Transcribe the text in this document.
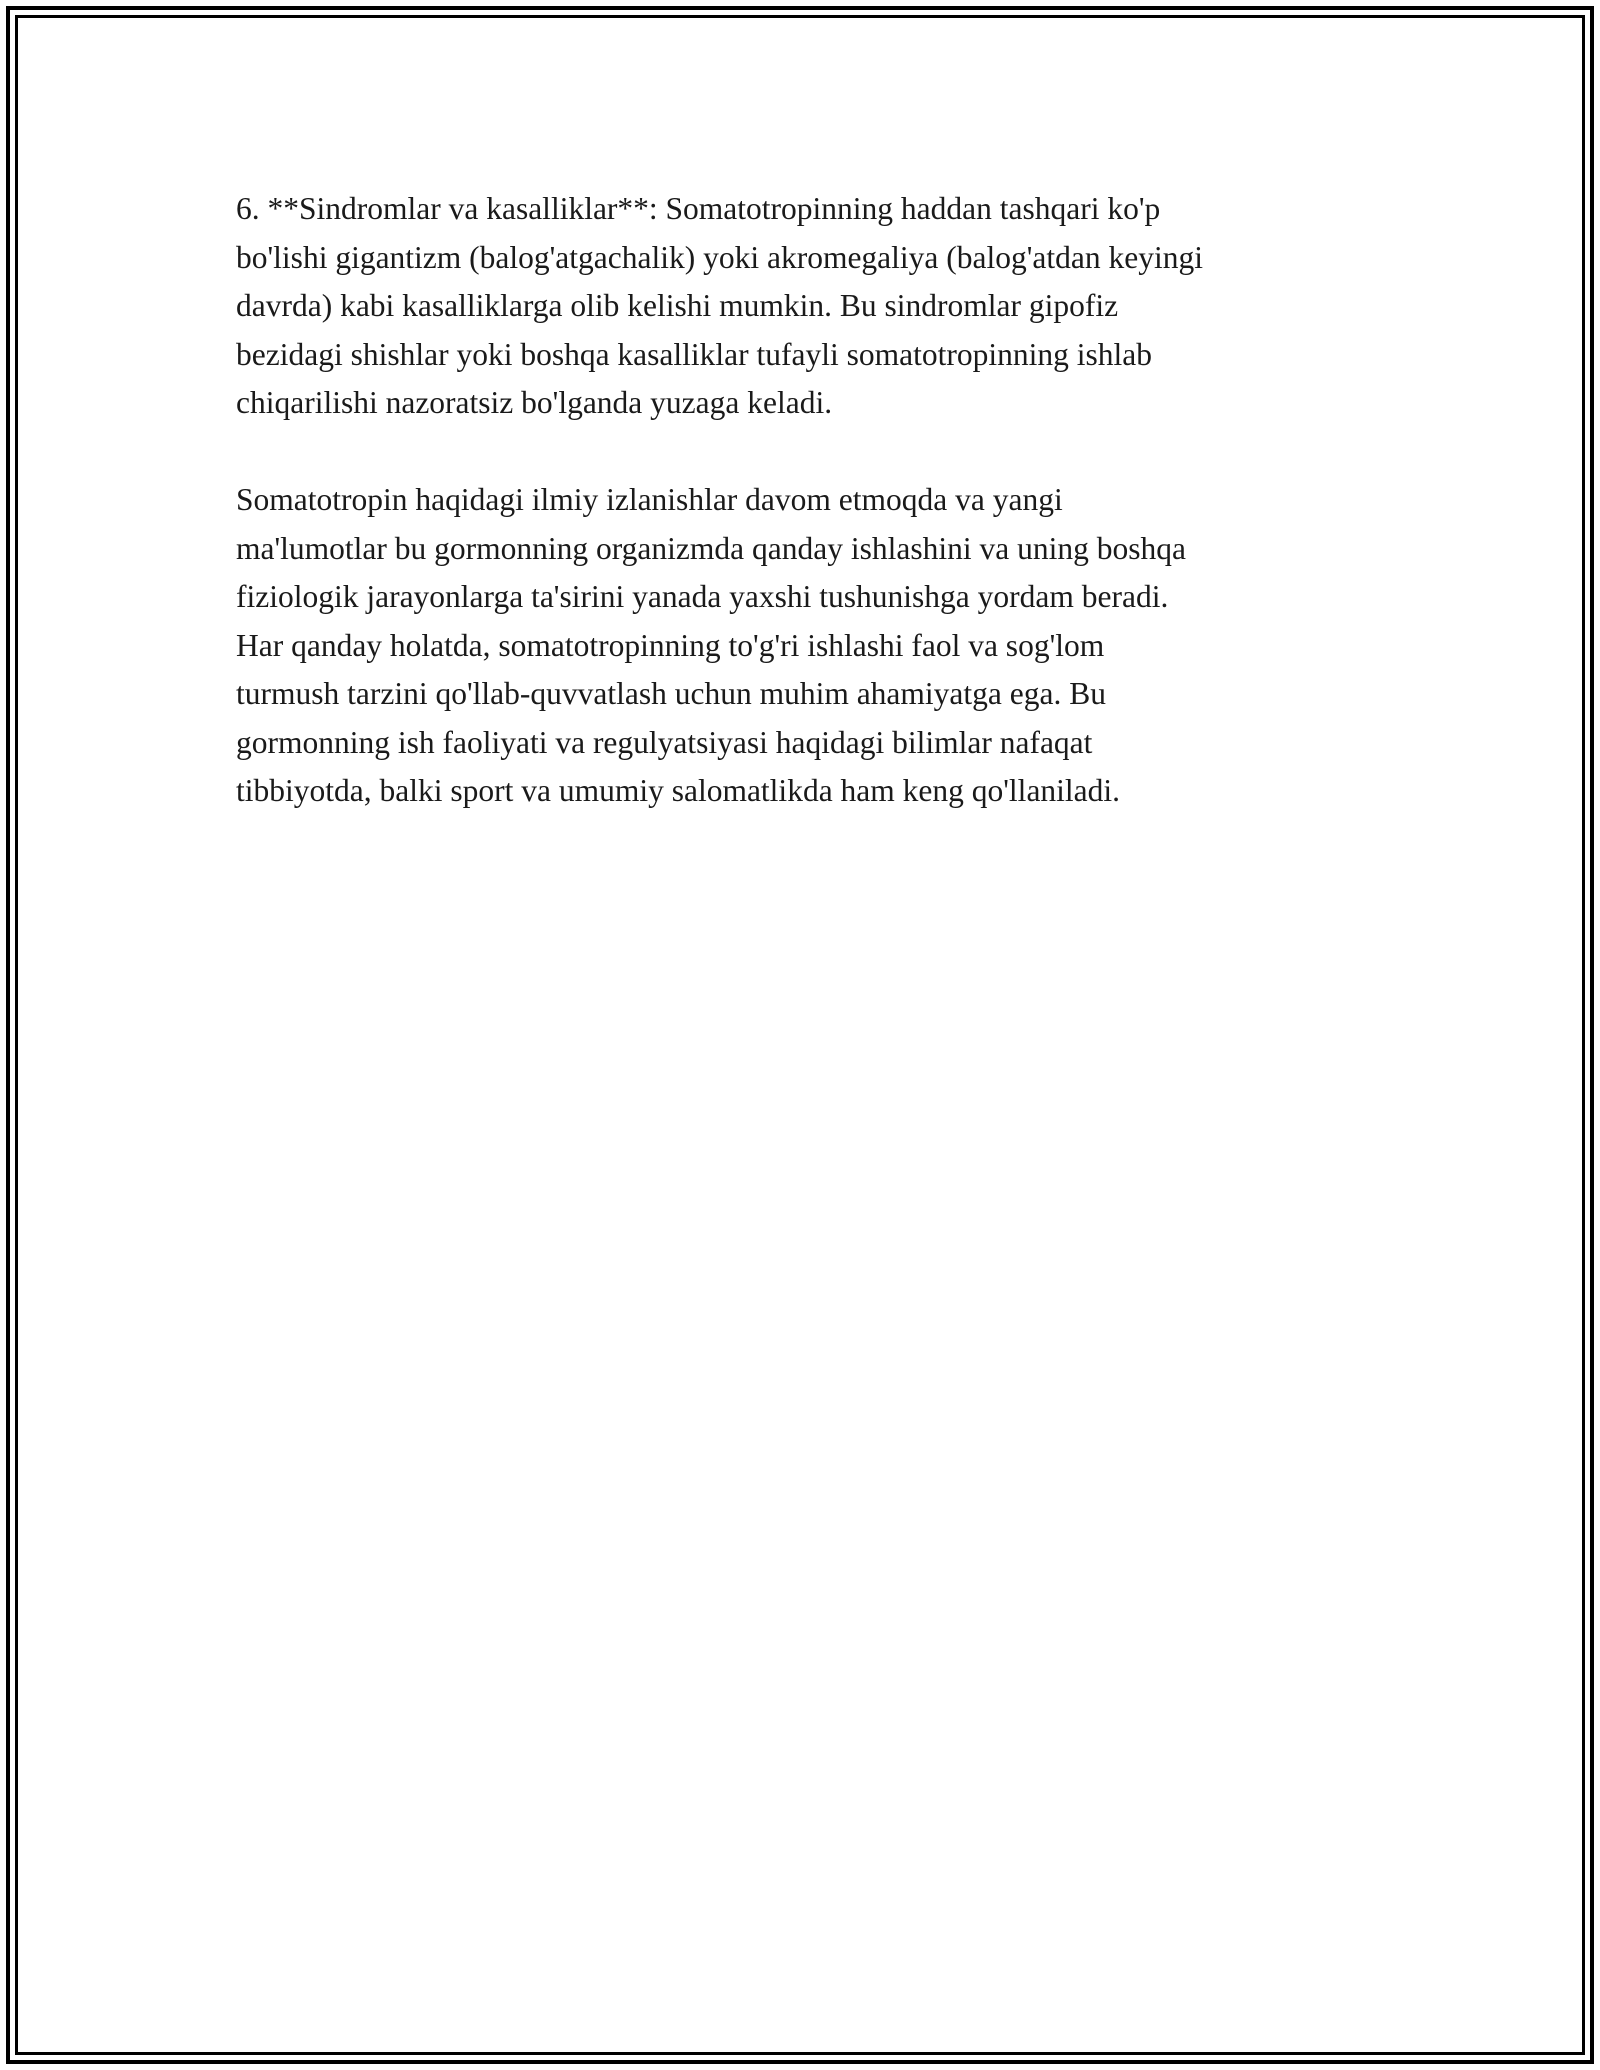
6. **Sindromlar va kasalliklar**: Somatotropinning haddan tashqari ko'p
bo'lishi gigantizm (balog'atgachalik) yoki akromegaliya (balog'atdan keyingi
davrda) kabi kasalliklarga olib kelishi mumkin. Bu sindromlar gipofiz
bezidagi shishlar yoki boshqa kasalliklar tufayli somatotropinning ishlab
chiqarilishi nazoratsiz bo'lganda yuzaga keladi.

Somatotropin haqidagi ilmiy izlanishlar davom etmoqda va yangi
ma'lumotlar bu gormonning organizmda qanday ishlashini va uning boshqa
fiziologik jarayonlarga ta'sirini yanada yaxshi tushunishga yordam beradi.
Har qanday holatda, somatotropinning to'g'ri ishlashi faol va sog'lom
turmush tarzini qo'llab-quvvatlash uchun muhim ahamiyatga ega. Bu
gormonning ish faoliyati va regulyatsiyasi haqidagi bilimlar nafaqat
tibbiyotda, balki sport va umumiy salomatlikda ham keng qo'llaniladi.
